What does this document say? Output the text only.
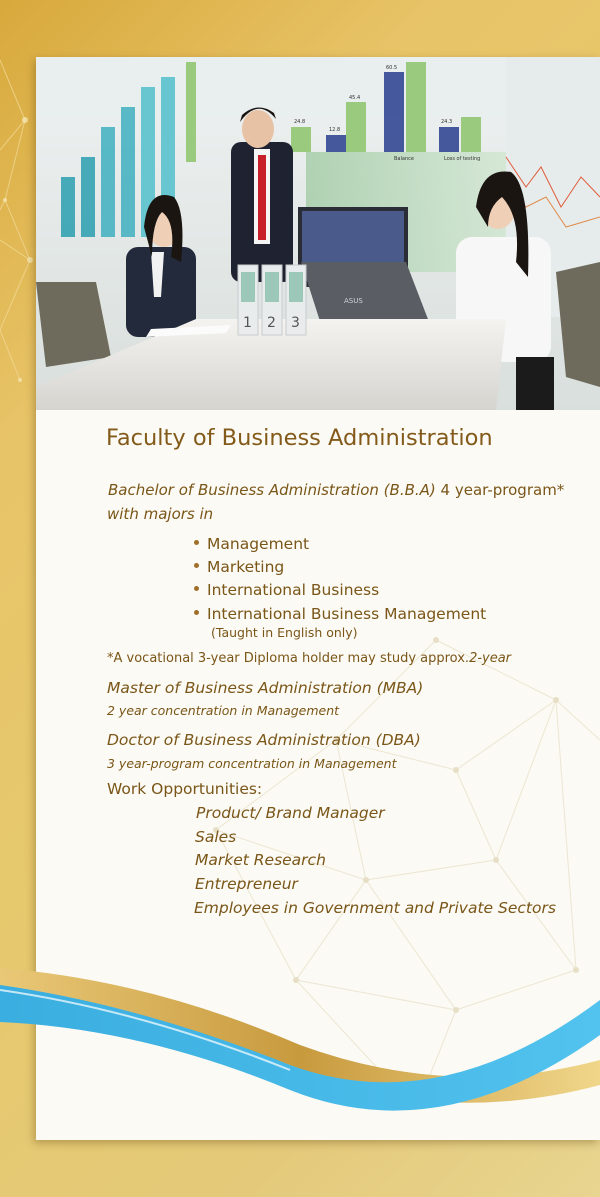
24.8
12.8
45.4
60.5
24.3
Balance	Loss of testing
ASUS
1 2 3
Faculty of Business Administration
Bachelor of Business Administration (B.B.A) 4 year-program*
with majors in
Management
Marketing
International Business
International Business Management
(Taught in English only)
*A vocational 3-year Diploma holder may study approx.2-year
Master of Business Administration (MBA)
2 year concentration in Management
Doctor of Business Administration (DBA)
3 year-program concentration in Management
Work Opportunities:
Product/ Brand Manager
Sales
Market Research
Entrepreneur
Employees in Government and Private Sectors
